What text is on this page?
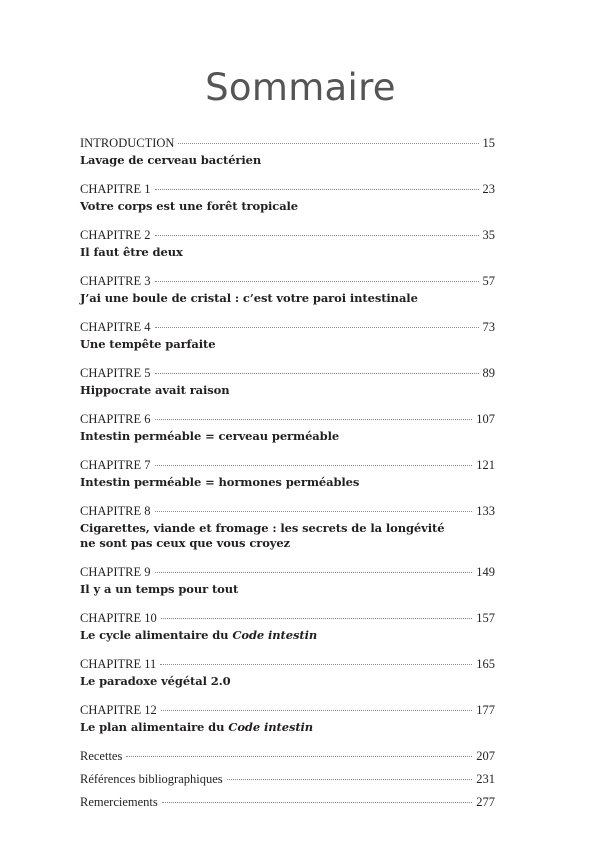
Sommaire
INTRODUCTION	15
Lavage de cerveau bactérien
CHAPITRE 1	23
Votre corps est une forêt tropicale
CHAPITRE 2	35
Il faut être deux
CHAPITRE 3	57
J’ai une boule de cristal : c’est votre paroi intestinale
CHAPITRE 4	73
Une tempête parfaite
CHAPITRE 5	89
Hippocrate avait raison
CHAPITRE 6	107
Intestin perméable = cerveau perméable
CHAPITRE 7	121
Intestin perméable = hormones perméables
CHAPITRE 8	133
Cigarettes, viande et fromage : les secrets de la longévité
ne sont pas ceux que vous croyez
CHAPITRE 9	149
Il y a un temps pour tout
CHAPITRE 10	157
Le cycle alimentaire du Code intestin
CHAPITRE 11	165
Le paradoxe végétal 2.0
CHAPITRE 12	177
Le plan alimentaire du Code intestin
Recettes	207
Références bibliographiques	231
Remerciements	277
